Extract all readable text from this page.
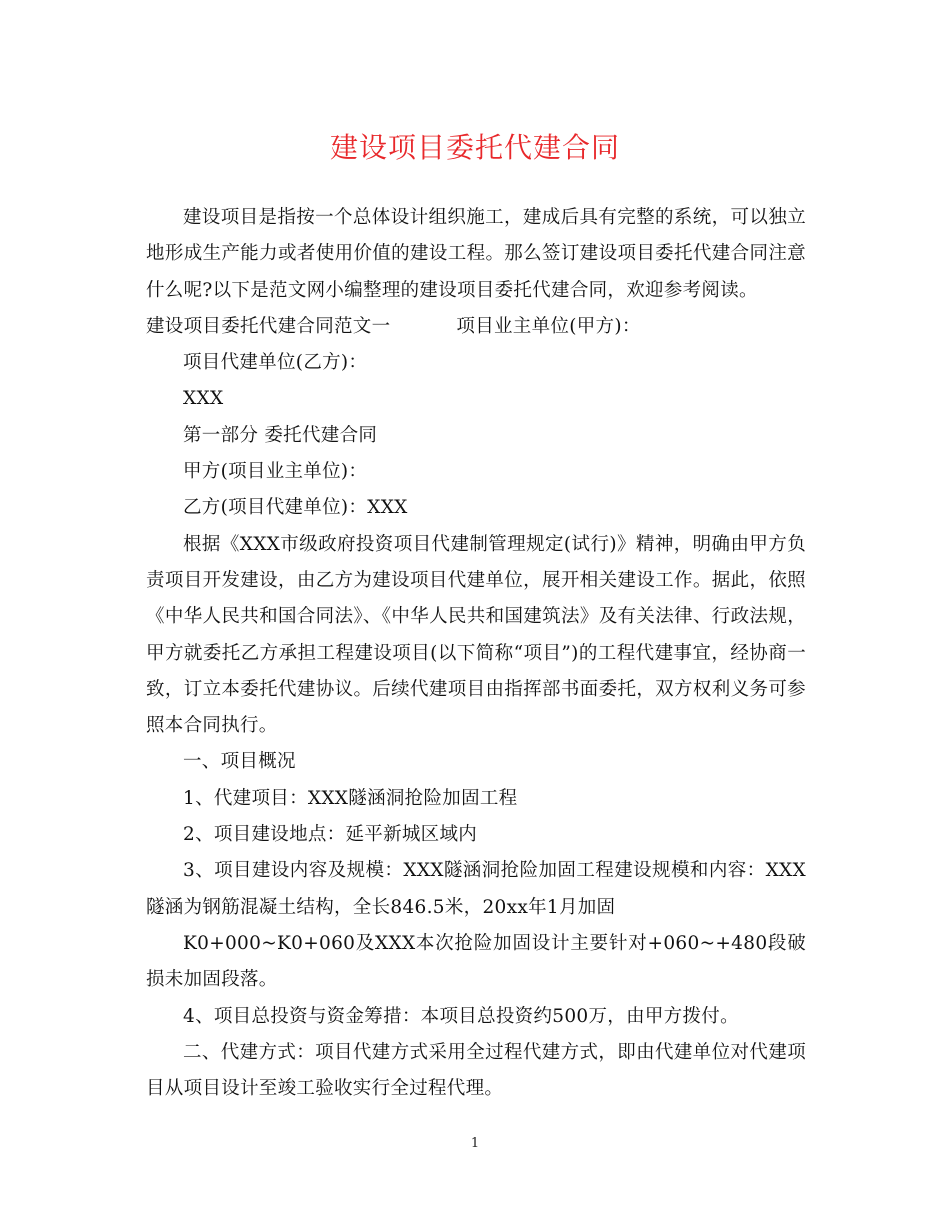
建设项目委托代建合同

建设项目是指按一个总体设计组织施工，建成后具有完整的系统，可以独立地形成生产能力或者使用价值的建设工程。那么签订建设项目委托代建合同注意什么呢?以下是范文网小编整理的建设项目委托代建合同，欢迎参考阅读。

建设项目委托代建合同范文一	项目业主单位(甲方)：

项目代建单位(乙方)：

XXX

第一部分 委托代建合同

甲方(项目业主单位)：

乙方(项目代建单位)：XXX

根据《XXX市级政府投资项目代建制管理规定(试行)》精神，明确由甲方负责项目开发建设，由乙方为建设项目代建单位，展开相关建设工作。据此，依照《中华人民共和国合同法》、《中华人民共和国建筑法》及有关法律、行政法规，甲方就委托乙方承担工程建设项目(以下简称“项目”)的工程代建事宜，经协商一致，订立本委托代建协议。后续代建项目由指挥部书面委托，双方权利义务可参照本合同执行。

一、项目概况

1、代建项目：XXX隧涵洞抢险加固工程

2、项目建设地点：延平新城区域内

3、项目建设内容及规模：XXX隧涵洞抢险加固工程建设规模和内容：XXX隧涵为钢筋混凝土结构，全长846.5米，20xx年1月加固

K0+000~K0+060及XXX本次抢险加固设计主要针对+060~+480段破损未加固段落。

4、项目总投资与资金筹措：本项目总投资约500万，由甲方拨付。

二、代建方式：项目代建方式采用全过程代建方式，即由代建单位对代建项目从项目设计至竣工验收实行全过程代理。

1
